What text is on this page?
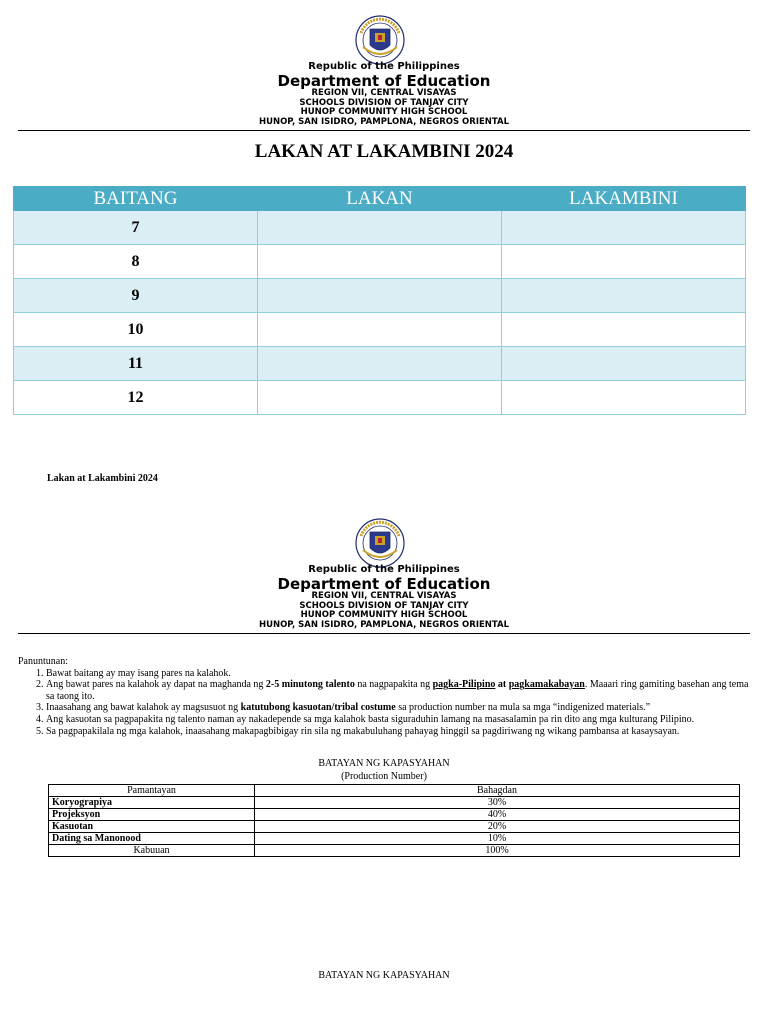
Republic of the Philippines
Department of Education
REGION VII, CENTRAL VISAYAS
SCHOOLS DIVISION OF TANJAY CITY
HUNOP COMMUNITY HIGH SCHOOL
HUNOP, SAN ISIDRO, PAMPLONA, NEGROS ORIENTAL
LAKAN AT LAKAMBINI 2024
BAITANG	LAKAN	LAKAMBINI
7		
8		
9		
10		
11		
12		
Lakan at Lakambini 2024
Republic of the Philippines
Department of Education
REGION VII, CENTRAL VISAYAS
SCHOOLS DIVISION OF TANJAY CITY
HUNOP COMMUNITY HIGH SCHOOL
HUNOP, SAN ISIDRO, PAMPLONA, NEGROS ORIENTAL
Panuntunan:
1. Bawat baitang ay may isang pares na kalahok.
2. Ang bawat pares na kalahok ay dapat na maghanda ng 2-5 minutong talento na nagpapakita ng pagka-Pilipino at pagkamakabayan. Maaari ring gamiting basehan ang tema sa taong ito.
3. Inaasahang ang bawat kalahok ay magsusuot ng katutubong kasuotan/tribal costume sa production number na mula sa mga “indigenized materials.”
4. Ang kasuotan sa pagpapakita ng talento naman ay nakadepende sa mga kalahok basta siguraduhin lamang na masasalamin pa rin dito ang mga kulturang Pilipino.
5. Sa pagpapakilala ng mga kalahok, inaasahang makapagbibigay rin sila ng makabuluhang pahayag hinggil sa pagdiriwang ng wikang pambansa at kasaysayan.
BATAYAN NG KAPASYAHAN
(Production Number)
Pamantayan	Bahagdan
Koryograpiya	30%
Projeksyon	40%
Kasuotan	20%
Dating sa Manonood	10%
Kabuuan	100%
BATAYAN NG KAPASYAHAN
